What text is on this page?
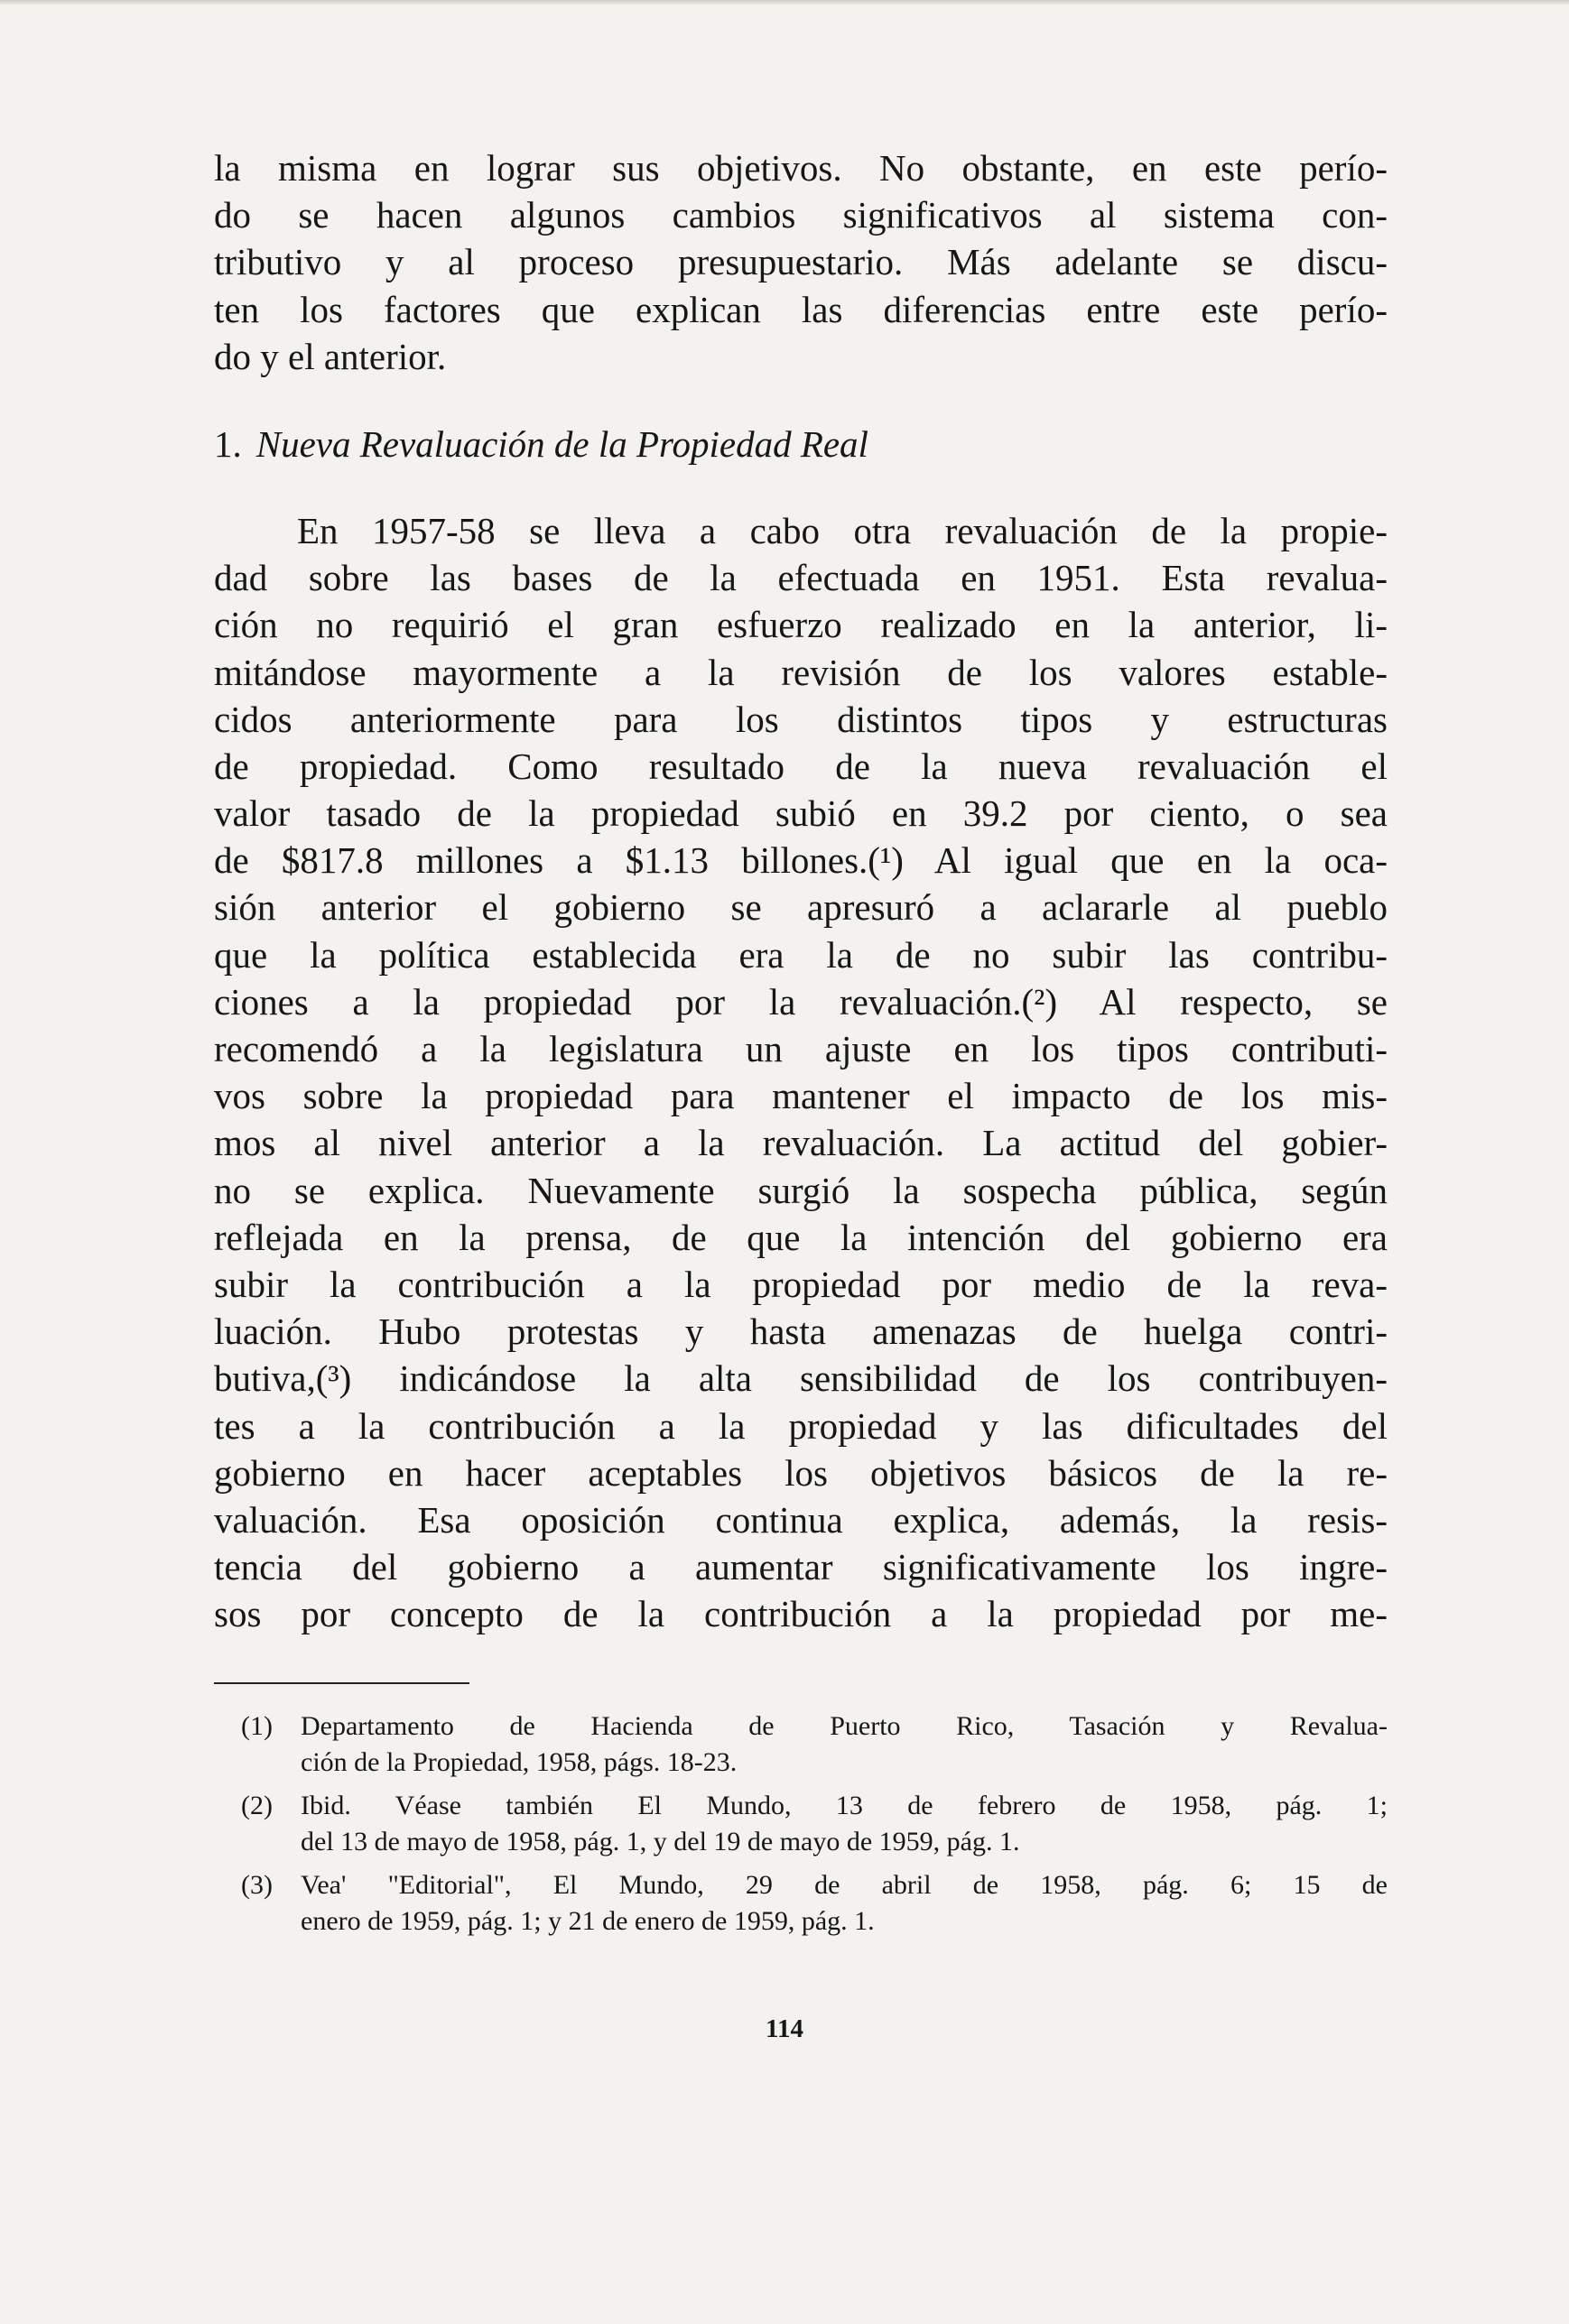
la misma en lograr sus objetivos. No obstante, en este perío-
do se hacen algunos cambios significativos al sistema con-
tributivo y al proceso presupuestario. Más adelante se discu-
ten los factores que explican las diferencias entre este perío-
do y el anterior.
1. Nueva Revaluación de la Propiedad Real
En 1957-58 se lleva a cabo otra revaluación de la propie-
dad sobre las bases de la efectuada en 1951. Esta revalua-
ción no requirió el gran esfuerzo realizado en la anterior, li-
mitándose mayormente a la revisión de los valores estable-
cidos anteriormente para los distintos tipos y estructuras
de propiedad. Como resultado de la nueva revaluación el
valor tasado de la propiedad subió en 39.2 por ciento, o sea
de $817.8 millones a $1.13 billones.(¹) Al igual que en la oca-
sión anterior el gobierno se apresuró a aclararle al pueblo
que la política establecida era la de no subir las contribu-
ciones a la propiedad por la revaluación.(²) Al respecto, se
recomendó a la legislatura un ajuste en los tipos contributi-
vos sobre la propiedad para mantener el impacto de los mis-
mos al nivel anterior a la revaluación. La actitud del gobier-
no se explica. Nuevamente surgió la sospecha pública, según
reflejada en la prensa, de que la intención del gobierno era
subir la contribución a la propiedad por medio de la reva-
luación. Hubo protestas y hasta amenazas de huelga contri-
butiva,(³) indicándose la alta sensibilidad de los contribuyen-
tes a la contribución a la propiedad y las dificultades del
gobierno en hacer aceptables los objetivos básicos de la re-
valuación. Esa oposición continua explica, además, la resis-
tencia del gobierno a aumentar significativamente los ingre-
sos por concepto de la contribución a la propiedad por me-
(1)	Departamento de Hacienda de Puerto Rico, Tasación y Revalua-
ción de la Propiedad, 1958, págs. 18-23.
(2)	Ibid. Véase también El Mundo, 13 de febrero de 1958, pág. 1;
del 13 de mayo de 1958, pág. 1, y del 19 de mayo de 1959, pág. 1.
(3)	Vea' "Editorial", El Mundo, 29 de abril de 1958, pág. 6; 15 de
enero de 1959, pág. 1; y 21 de enero de 1959, pág. 1.
114
